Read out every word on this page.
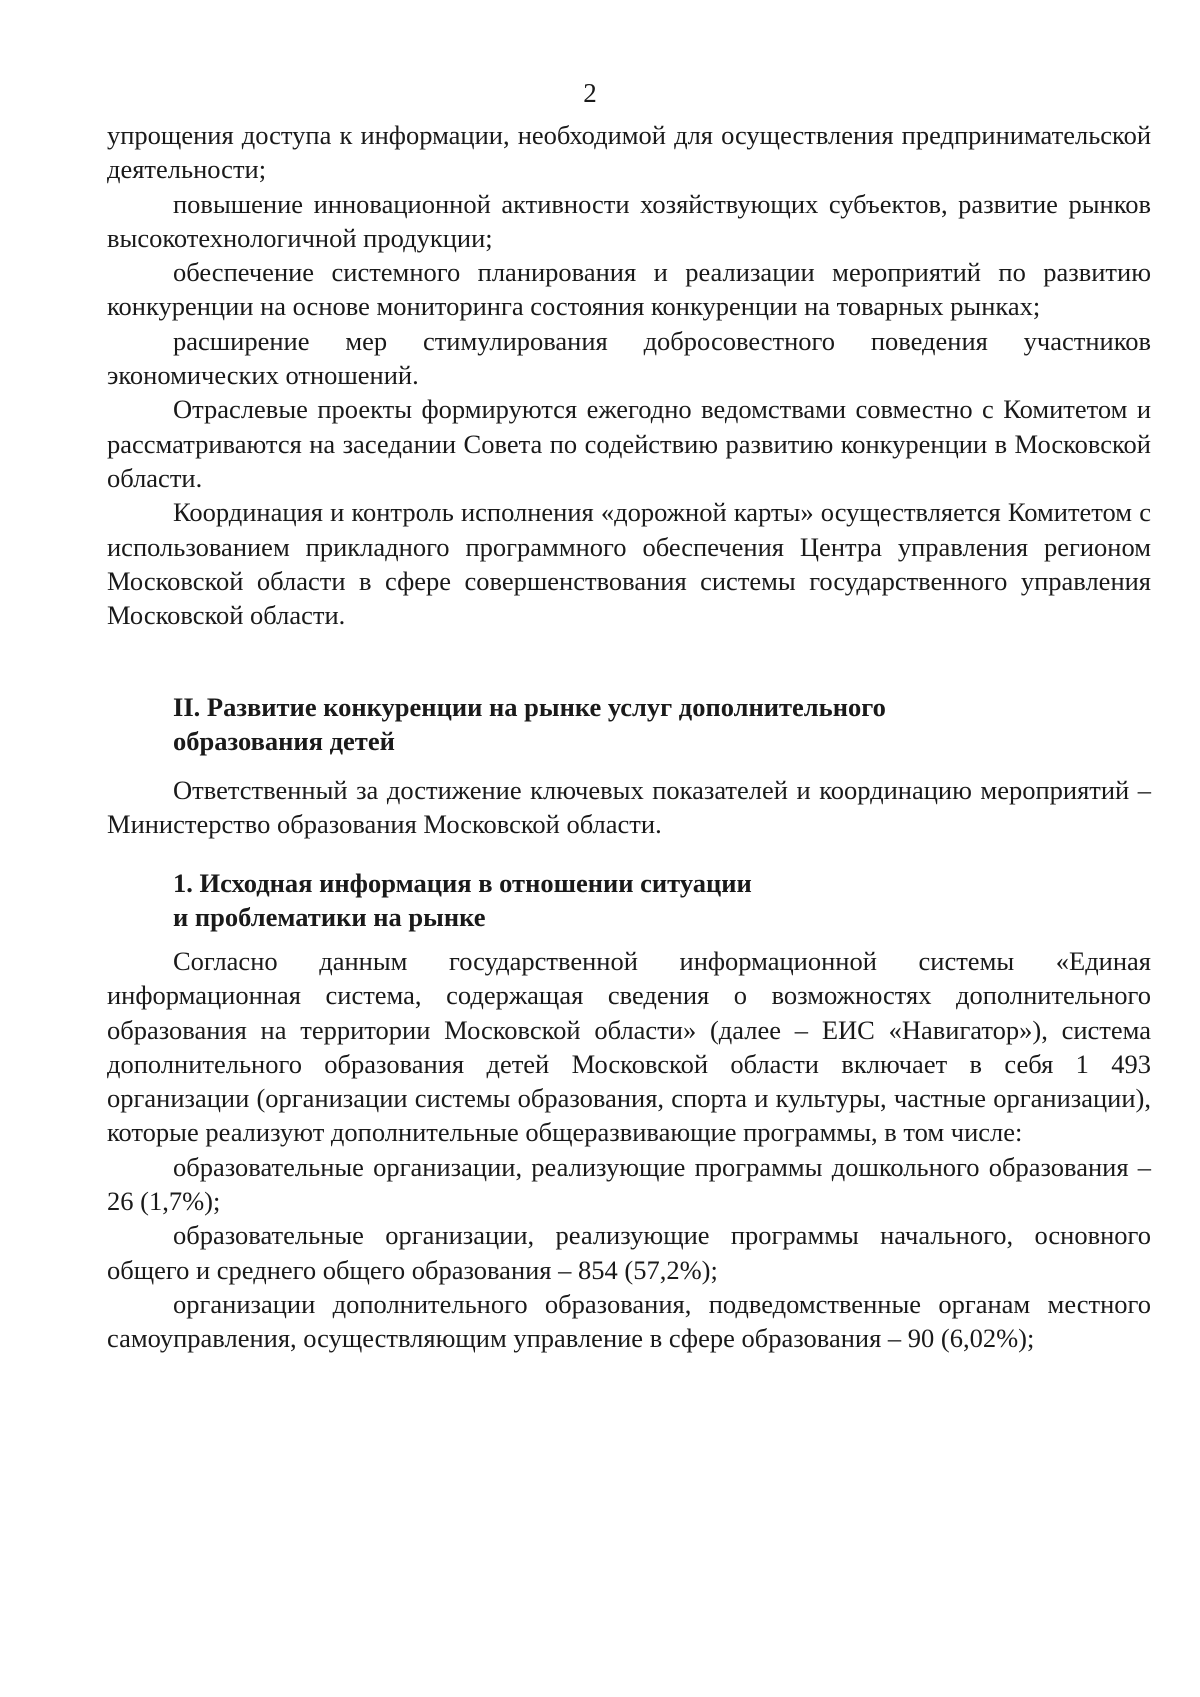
2

упрощения доступа к информации, необходимой для осуществления предпринимательской деятельности;

повышение инновационной активности хозяйствующих субъектов, развитие рынков высокотехнологичной продукции;

обеспечение системного планирования и реализации мероприятий по развитию конкуренции на основе мониторинга состояния конкуренции на товарных рынках;

расширение мер стимулирования добросовестного поведения участников экономических отношений.

Отраслевые проекты формируются ежегодно ведомствами совместно с Комитетом и рассматриваются на заседании Совета по содействию развитию конкуренции в Московской области.

Координация и контроль исполнения «дорожной карты» осуществляется Комитетом с использованием прикладного программного обеспечения Центра управления регионом Московской области в сфере совершенствования системы государственного управления Московской области.

II. Развитие конкуренции на рынке услуг дополнительного

образования детей

Ответственный за достижение ключевых показателей и координацию мероприятий – Министерство образования Московской области.

1. Исходная информация в отношении ситуации

и проблематики на рынке

Согласно данным государственной информационной системы «Единая информационная система, содержащая сведения о возможностях дополнительного образования на территории Московской области» (далее – ЕИС «Навигатор»), система дополнительного образования детей Московской области включает в себя 1 493 организации (организации системы образования, спорта и культуры, частные организации), которые реализуют дополнительные общеразвивающие программы, в том числе:

образовательные организации, реализующие программы дошкольного образования – 26 (1,7%);

образовательные организации, реализующие программы начального, основного общего и среднего общего образования – 854 (57,2%);

организации дополнительного образования, подведомственные органам местного самоуправления, осуществляющим управление в сфере образования – 90 (6,02%);
